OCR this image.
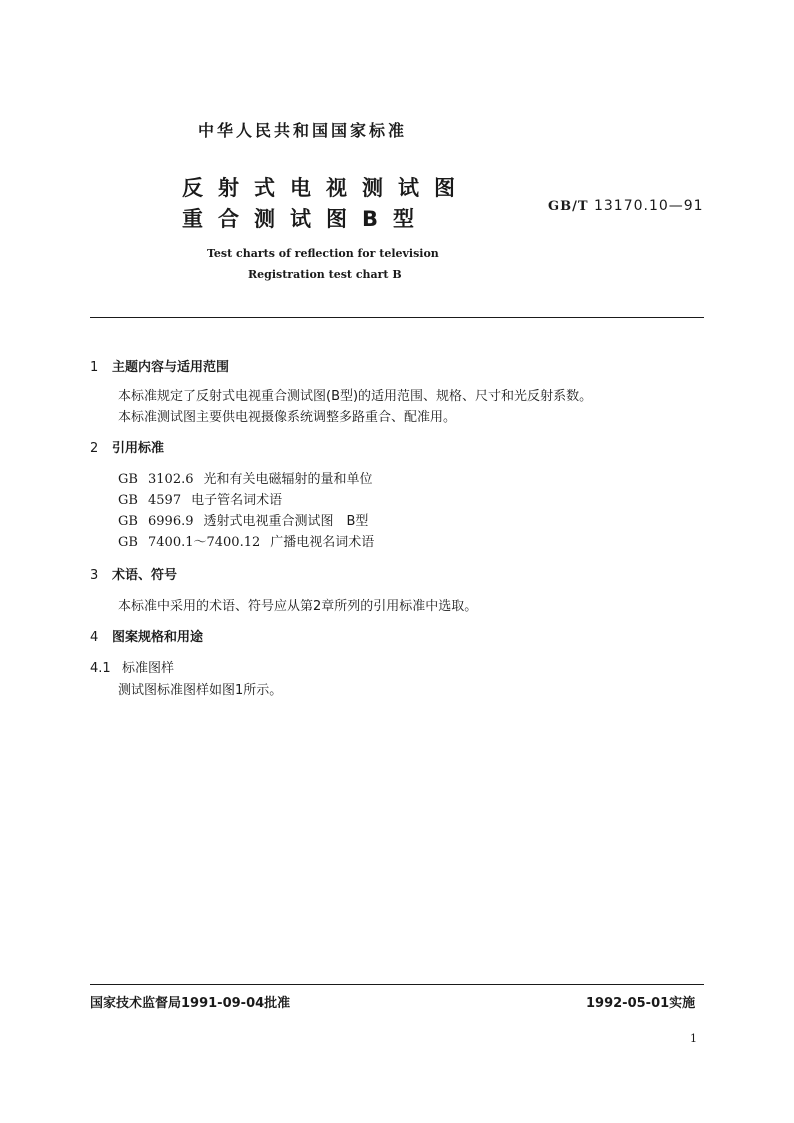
中华人民共和国国家标准
反射式电视测试图
重合测试图B型
GB/T 13170.10—91
Test charts of reflection for television
Registration test chart B
1 主题内容与适用范围
本标准规定了反射式电视重合测试图(B型)的适用范围、规格、尺寸和光反射系数。
本标准测试图主要供电视摄像系统调整多路重合、配准用。
2 引用标准
GB 3102.6 光和有关电磁辐射的量和单位
GB 4597 电子管名词术语
GB 6996.9 透射式电视重合测试图　B型
GB 7400.1～7400.12 广播电视名词术语
3 术语、符号
本标准中采用的术语、符号应从第2章所列的引用标准中选取。
4 图案规格和用途
4.1 标准图样
测试图标准图样如图1所示。
国家技术监督局1991-09-04批准	1992-05-01实施
1
